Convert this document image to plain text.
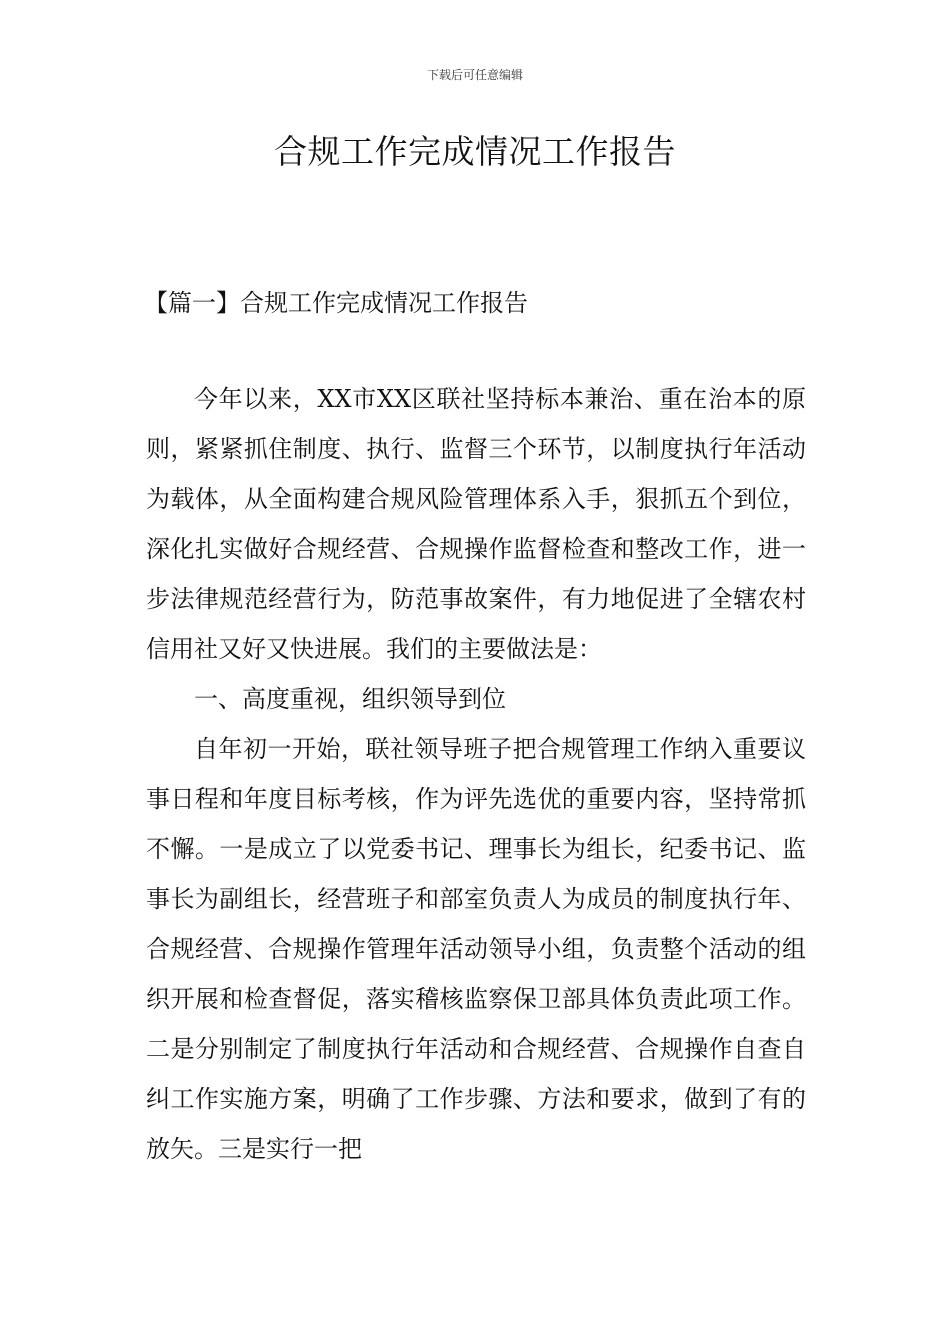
下载后可任意编辑
合规工作完成情况工作报告
【篇一】合规工作完成情况工作报告

今年以来，XX市XX区联社坚持标本兼治、重在治本的原则，紧紧抓住制度、执行、监督三个环节，以制度执行年活动为载体，从全面构建合规风险管理体系入手，狠抓五个到位，深化扎实做好合规经营、合规操作监督检查和整改工作，进一步法律规范经营行为，防范事故案件，有力地促进了全辖农村信用社又好又快进展。我们的主要做法是：

一、高度重视，组织领导到位

自年初一开始，联社领导班子把合规管理工作纳入重要议事日程和年度目标考核，作为评先选优的重要内容，坚持常抓不懈。一是成立了以党委书记、理事长为组长，纪委书记、监事长为副组长，经营班子和部室负责人为成员的制度执行年、合规经营、合规操作管理年活动领导小组，负责整个活动的组织开展和检查督促，落实稽核监察保卫部具体负责此项工作。二是分别制定了制度执行年活动和合规经营、合规操作自查自纠工作实施方案，明确了工作步骤、方法和要求，做到了有的放矢。三是实行一把
